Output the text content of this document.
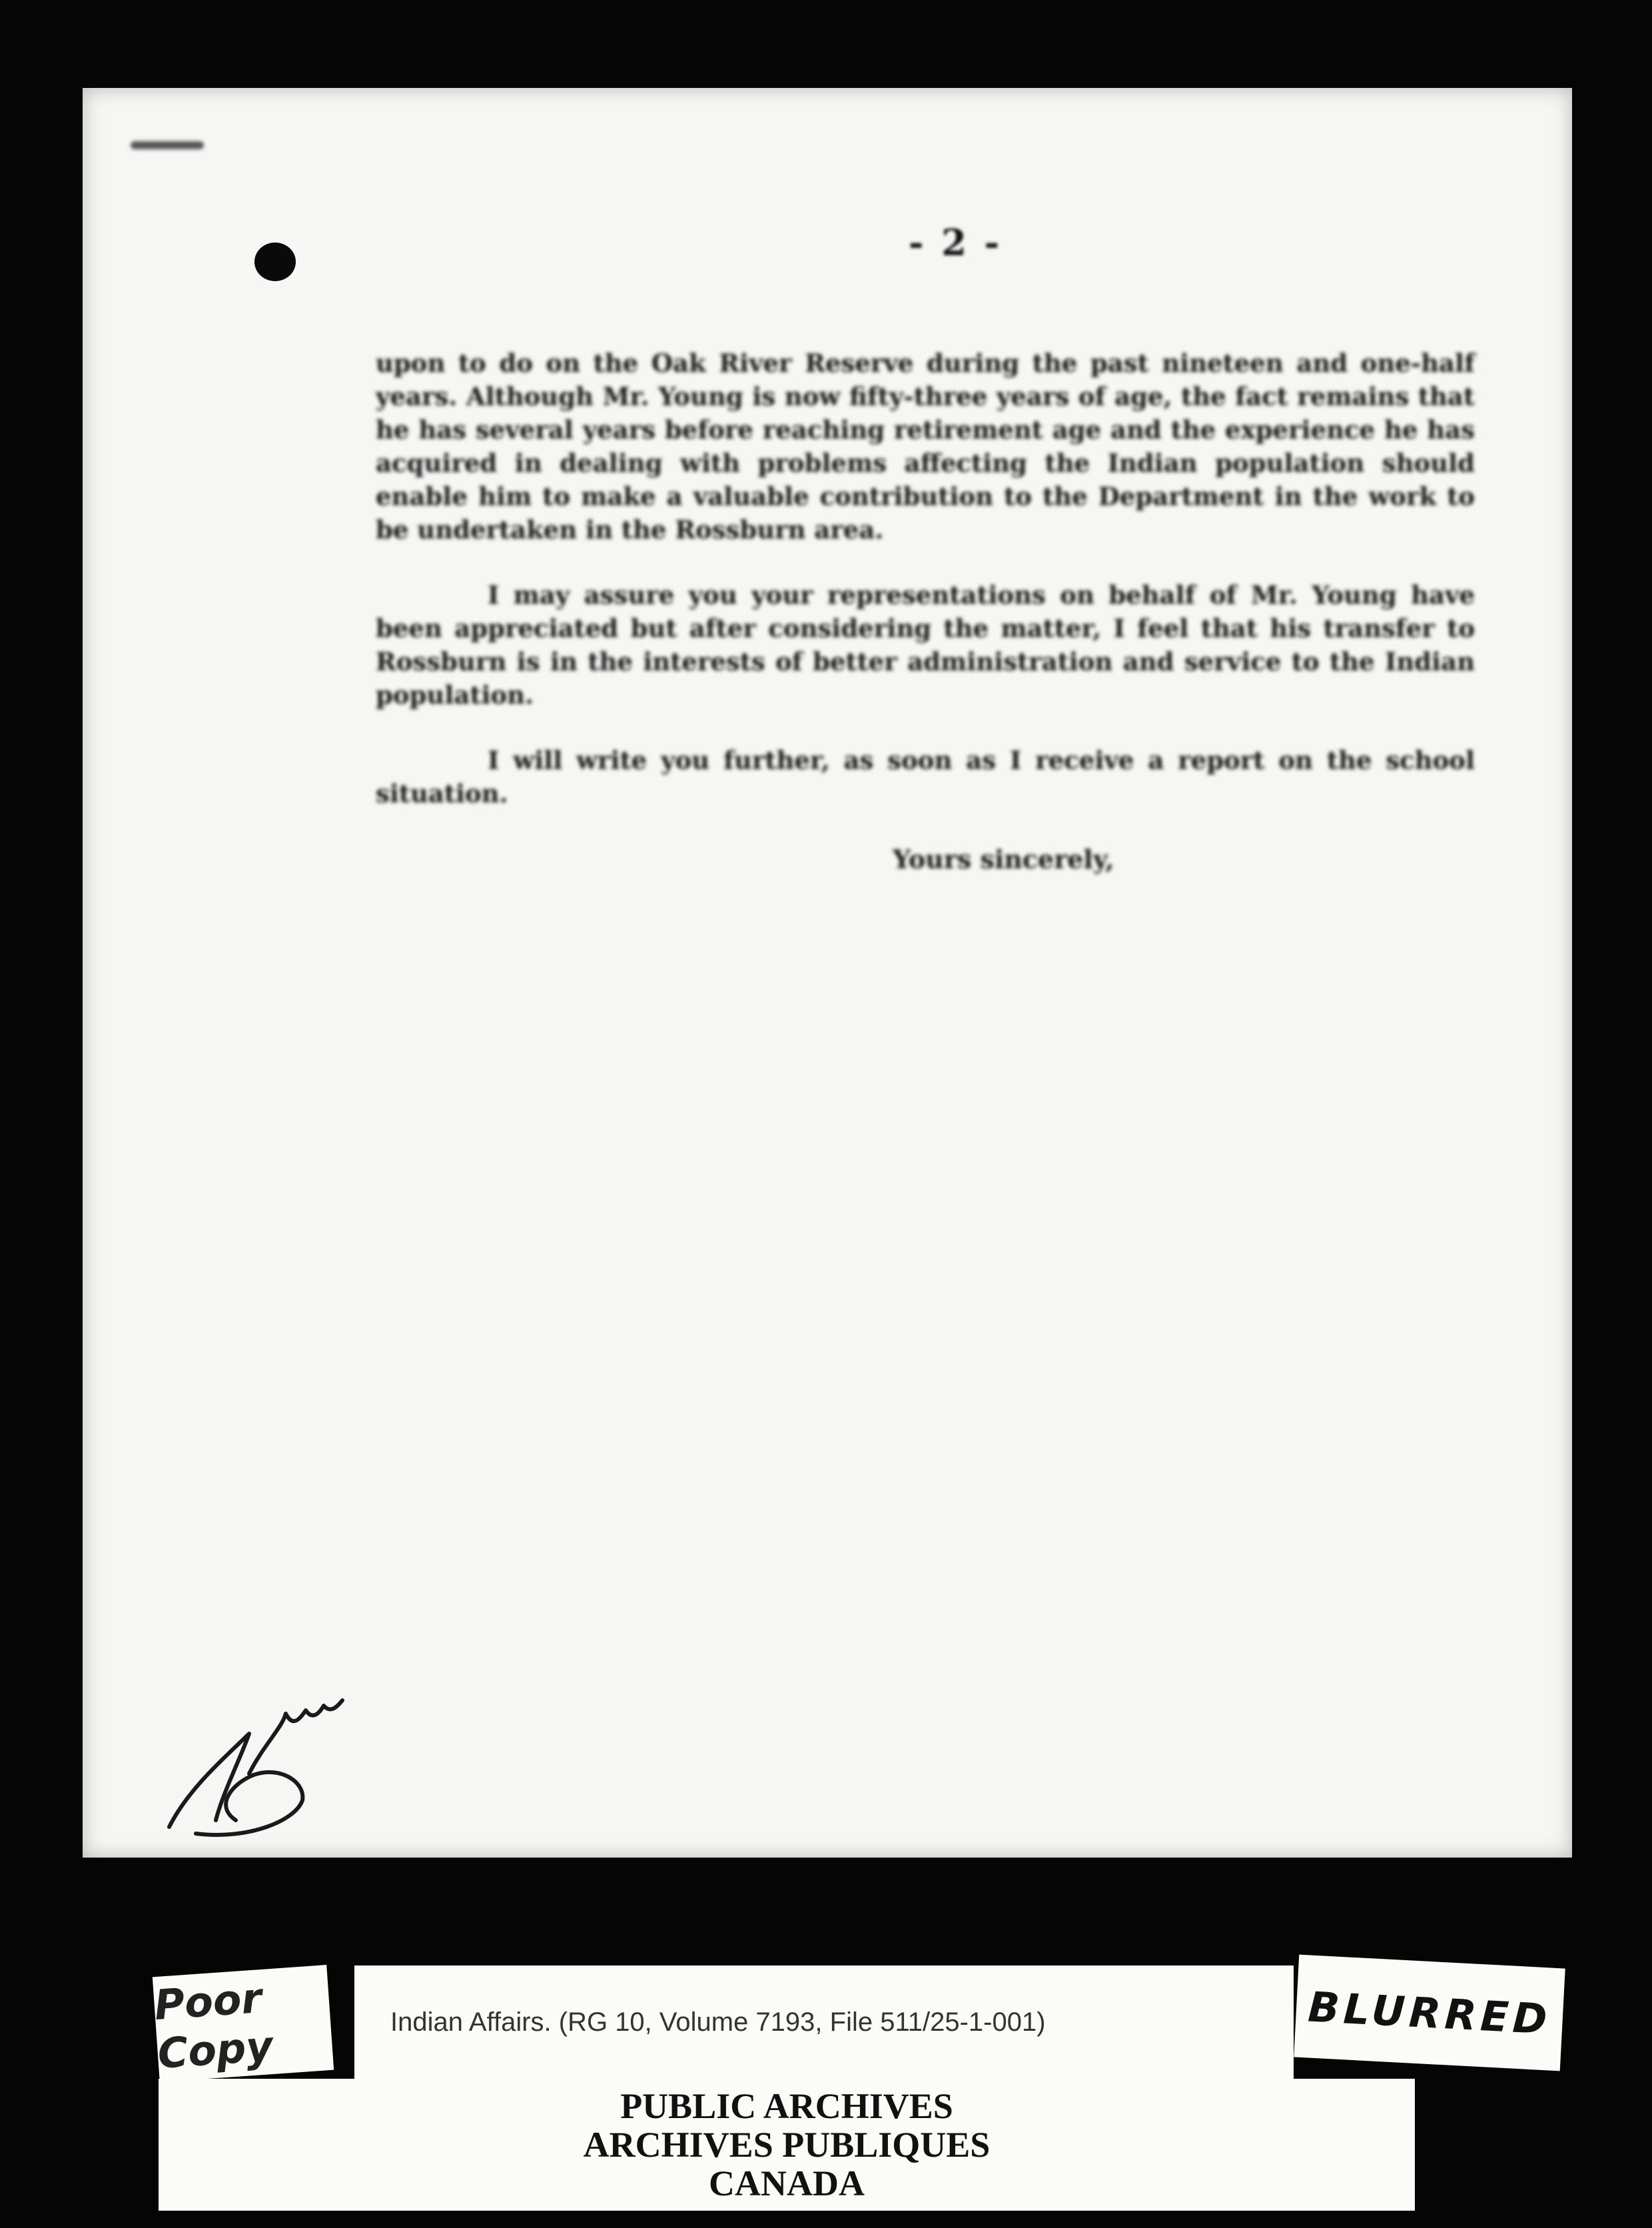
- 2 -

upon to do on the Oak River Reserve during the past nineteen and one-half years. Although Mr. Young is now fifty-three years of age, the fact remains that he has several years before reaching retirement age and the experience he has acquired in dealing with problems affecting the Indian population should enable him to make a valuable contribution to the Department in the work to be undertaken in the Rossburn area.

I may assure you your representations on behalf of Mr. Young have been appreciated but after considering the matter, I feel that his transfer to Rossburn is in the interests of better administration and service to the Indian population.

I will write you further, as soon as I receive a report on the school situation.

Yours sincerely,
Poor Copy	Indian Affairs. (RG 10, Volume 7193, File 511/25-1-001)	BLURRED
PUBLIC ARCHIVES
ARCHIVES PUBLIQUES
CANADA
